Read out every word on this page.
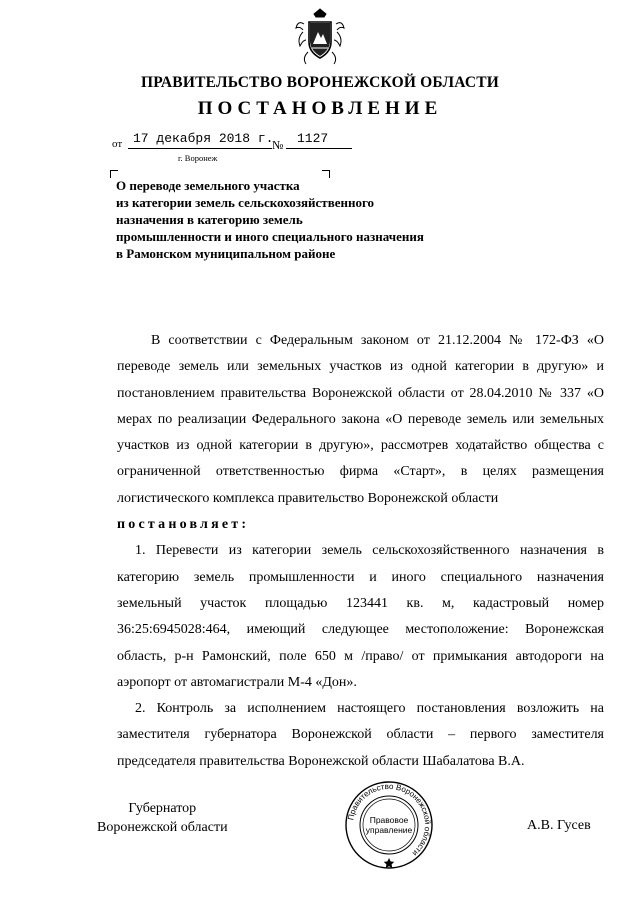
ПРАВИТЕЛЬСТВО ВОРОНЕЖСКОЙ ОБЛАСТИ
ПОСТАНОВЛЕНИЕ
от 17 декабря 2018 г.
№ 1127
г. Воронеж
О переводе земельного участка
из категории земель сельскохозяйственного
назначения в категорию земель
промышленности и иного специального назначения
в Рамонском муниципальном районе

В соответствии с Федеральным законом от 21.12.2004 № 172-ФЗ «О переводе земель или земельных участков из одной категории в другую» и постановлением правительства Воронежской области от 28.04.2010 № 337 «О мерах по реализации Федерального закона «О переводе земель или земельных участков из одной категории в другую», рассмотрев ходатайство общества с ограниченной ответственностью фирма «Старт», в целях размещения логистического комплекса правительство Воронежской области

постановляет:

1. Перевести из категории земель сельскохозяйственного назначения в категорию земель промышленности и иного специального назначения земельный участок площадью 123441 кв. м, кадастровый номер 36:25:6945028:464, имеющий следующее местоположение: Воронежская область, р-н Рамонский, поле 650 м /право/ от примыкания автодороги на аэропорт от автомагистрали М-4 «Дон».

2. Контроль за исполнением настоящего постановления возложить на заместителя губернатора Воронежской области – первого заместителя председателя правительства Воронежской области Шабалатова В.А.

Губернатор
Воронежской области
Правительство Воронежской области
Правовое
управление	А.В. Гусев
